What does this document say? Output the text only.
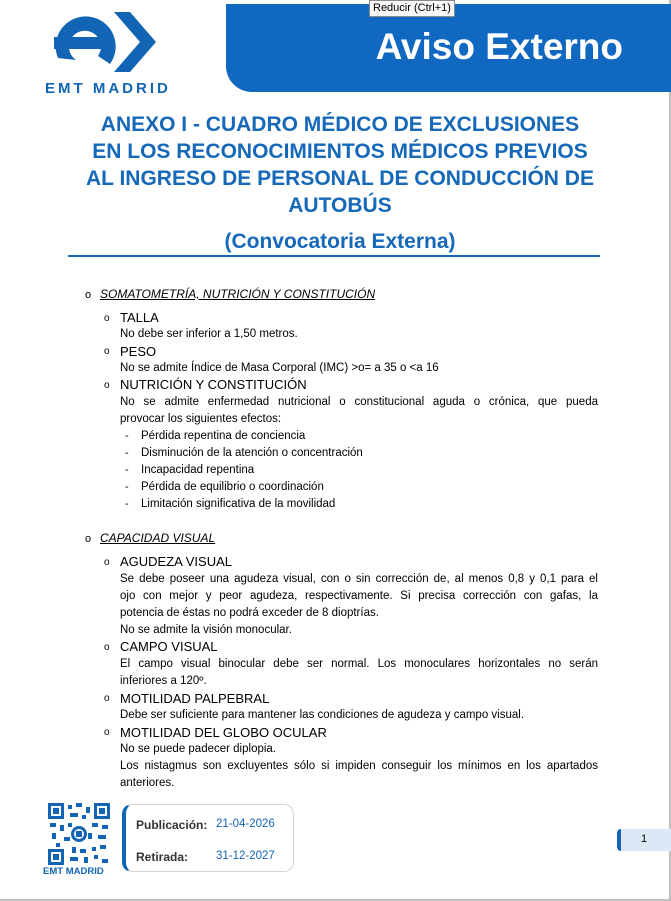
EMT MADRID
Aviso Externo
Reducir (Ctrl+1)
ANEXO I - CUADRO MÉDICO DE EXCLUSIONES
EN LOS RECONOCIMIENTOS MÉDICOS PREVIOS
AL INGRESO DE PERSONAL DE CONDUCCIÓN DE
AUTOBÚS
(Convocatoria Externa)
o SOMATOMETRÍA, NUTRICIÓN Y CONSTITUCIÓN
o TALLA
No debe ser inferior a 1,50 metros.
o PESO
No se admite Índice de Masa Corporal (IMC) >o= a 35 o <a 16
o NUTRICIÓN Y CONSTITUCIÓN
No se admite enfermedad nutricional o constitucional aguda o crónica, que pueda
provocar los siguientes efectos:
- Pérdida repentina de conciencia
- Disminución de la atención o concentración
- Incapacidad repentina
- Pérdida de equilibrio o coordinación
- Limitación significativa de la movilidad
o CAPACIDAD VISUAL
o AGUDEZA VISUAL
Se debe poseer una agudeza visual, con o sin corrección de, al menos 0,8 y 0,1 para el
ojo con mejor y peor agudeza, respectivamente. Si precisa corrección con gafas, la
potencia de éstas no podrá exceder de 8 dioptrías.
No se admite la visión monocular.
o CAMPO VISUAL
El campo visual binocular debe ser normal. Los monoculares horizontales no serán
inferiores a 120º.
o MOTILIDAD PALPEBRAL
Debe ser suficiente para mantener las condiciones de agudeza y campo visual.
o MOTILIDAD DEL GLOBO OCULAR
No se puede padecer diplopia.
Los nistagmus son excluyentes sólo si impiden conseguir los mínimos en los apartados
anteriores.
EMT MADRID
Publicación: 21-04-2026
Retirada: 31-12-2027
1
